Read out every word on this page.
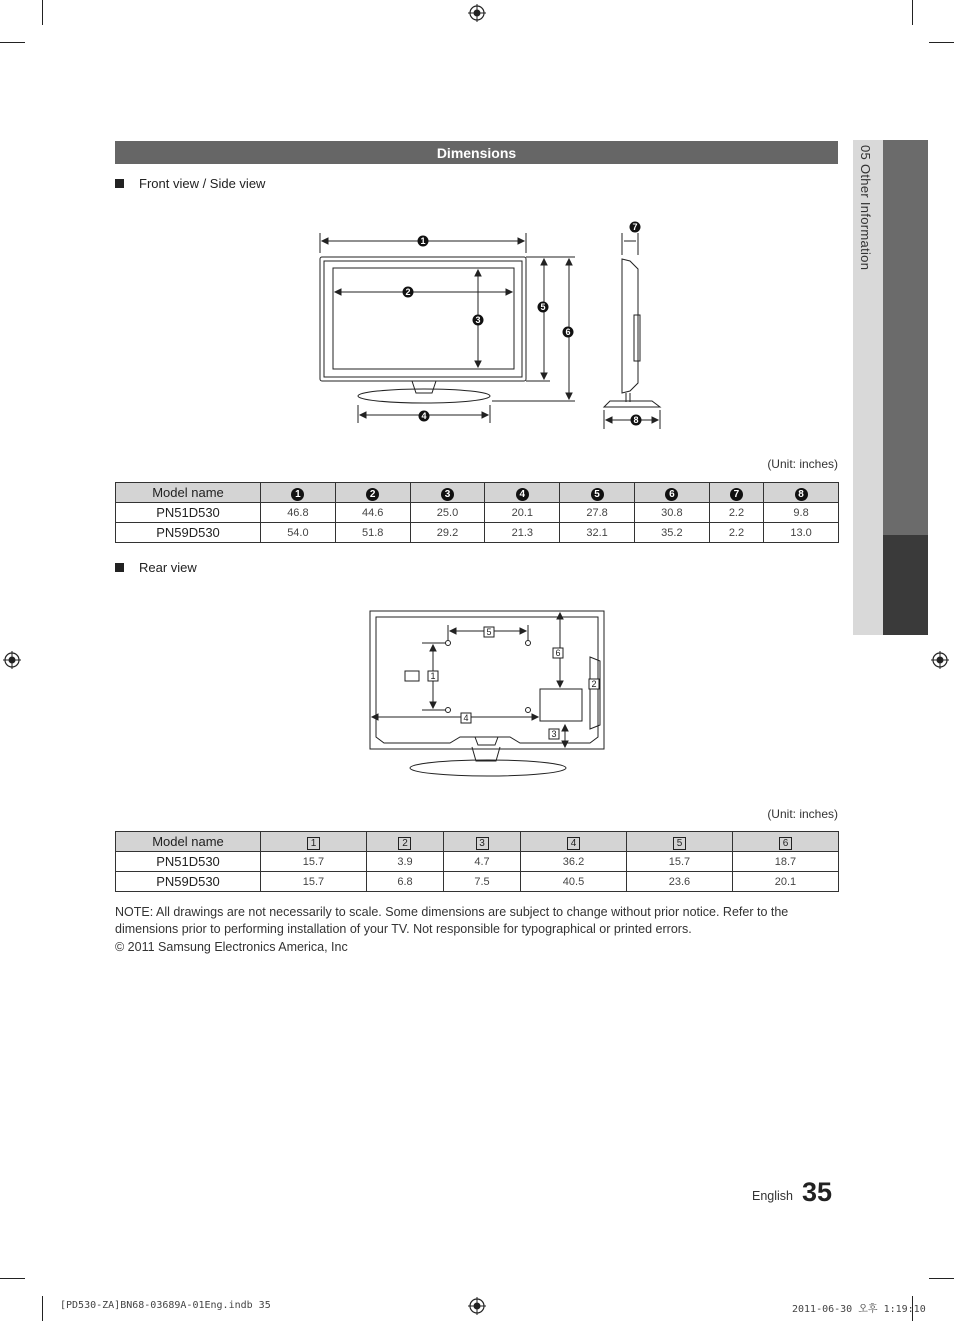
05 Other Information
Dimensions
Front view / Side view
1
2
3
4
5
6
7
8
(Unit: inches)
Model name	1	2	3	4	5	6	7	8
PN51D530	46.8	44.6	25.0	20.1	27.8	30.8	2.2	9.8
PN59D530	54.0	51.8	29.2	21.3	32.1	35.2	2.2	13.0
Rear view
5
1
4
6
2
3
(Unit: inches)
Model name	1	2	3	4	5	6
PN51D530	15.7	3.9	4.7	36.2	15.7	18.7
PN59D530	15.7	6.8	7.5	40.5	23.6	20.1
NOTE: All drawings are not necessarily to scale. Some dimensions are subject to change without prior notice. Refer to the dimensions prior to performing installation of your TV. Not responsible for typographical or printed errors.
© 2011 Samsung Electronics America, Inc
English 35
[PD530-ZA]BN68-03689A-01Eng.indb 35	2011-06-30 오후 1:19:10
